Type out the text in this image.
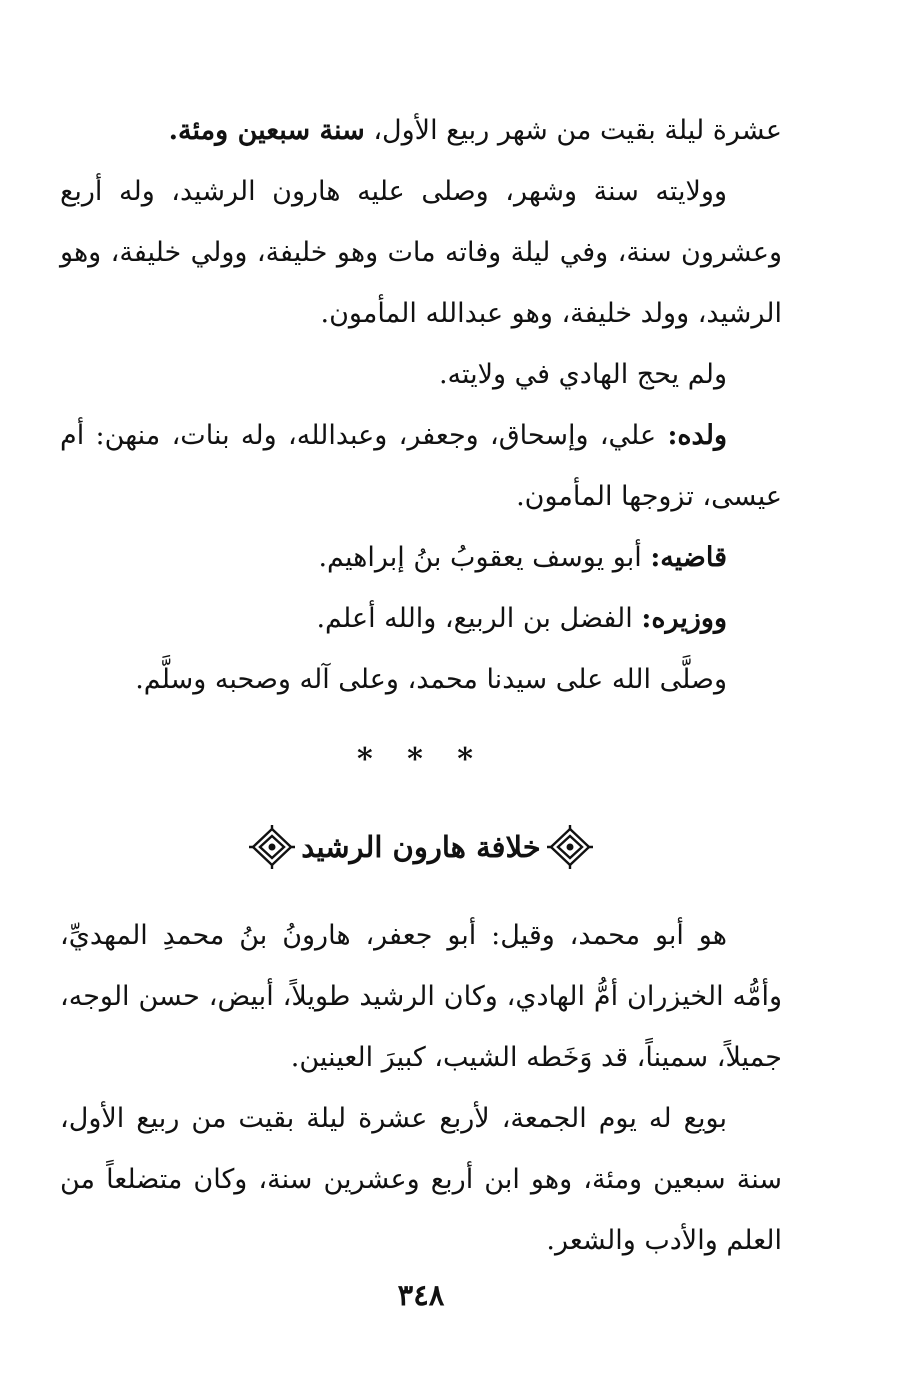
عشرة ليلة بقيت من شهر ربيع الأول، سنة سبعين ومئة.
وولايته سنة وشهر، وصلى عليه هارون الرشيد، وله أربع وعشرون سنة، وفي ليلة وفاته مات وهو خليفة، وولي خليفة، وهو الرشيد، وولد خليفة، وهو عبدالله المأمون.
ولم يحج الهادي في ولايته.
ولده: علي، وإسحاق، وجعفر، وعبدالله، وله بنات، منهن: أم عيسى، تزوجها المأمون.
قاضيه: أبو يوسف يعقوبُ بنُ إبراهيم.
ووزيره: الفضل بن الربيع، والله أعلم.
وصلَّى الله على سيدنا محمد، وعلى آله وصحبه وسلَّم.
* * *
خلافة هارون الرشيد
هو أبو محمد، وقيل: أبو جعفر، هارونُ بنُ محمدِ المهديِّ، وأمُّه الخيزران أمُّ الهادي، وكان الرشيد طويلاً، أبيض، حسن الوجه، جميلاً، سميناً، قد وَخَطه الشيب، كبيرَ العينين.
بويع له يوم الجمعة، لأربع عشرة ليلة بقيت من ربيع الأول، سنة سبعين ومئة، وهو ابن أربع وعشرين سنة، وكان متضلعاً من العلم والأدب والشعر.
٣٤٨
